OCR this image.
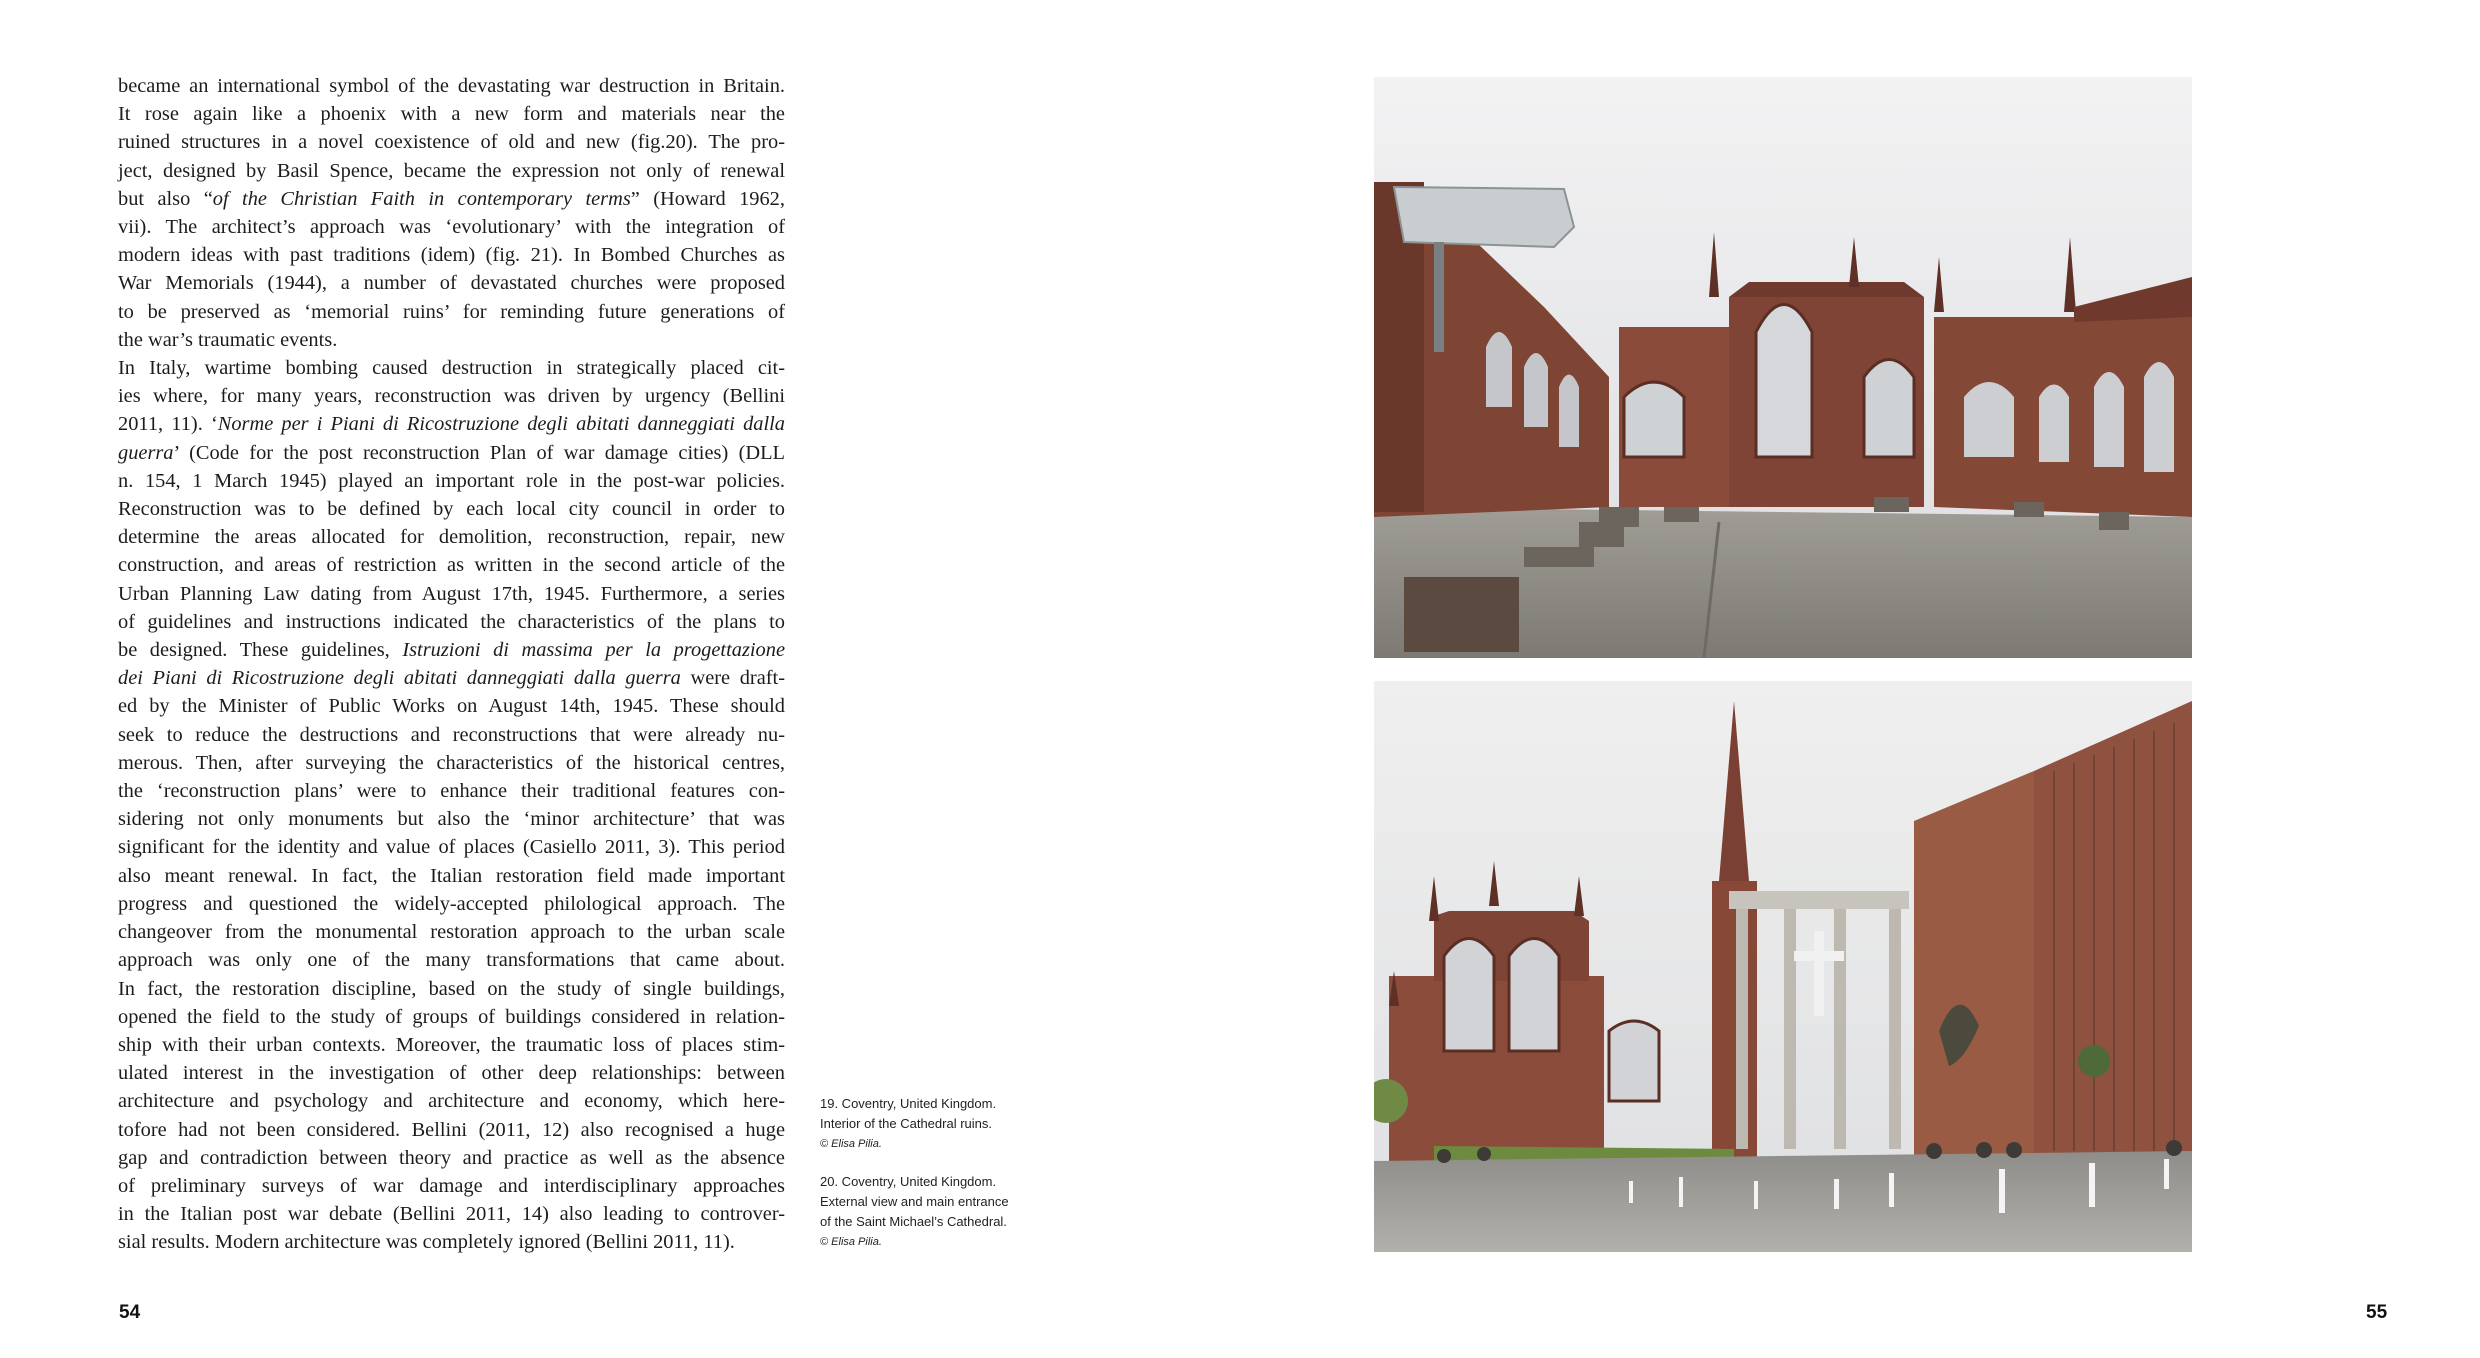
became an international symbol of the devastating war destruction in Britain.
It rose again like a phoenix with a new form and materials near the
ruined structures in a novel coexistence of old and new (fig.20). The pro-
ject, designed by Basil Spence, became the expression not only of renewal
but also “of the Christian Faith in contemporary terms” (Howard 1962,
vii). The architect’s approach was ‘evolutionary’ with the integration of
modern ideas with past traditions (idem) (fig. 21). In Bombed Churches as
War Memorials (1944), a number of devastated churches were proposed
to be preserved as ‘memorial ruins’ for reminding future generations of
the war’s traumatic events.
In Italy, wartime bombing caused destruction in strategically placed cit-
ies where, for many years, reconstruction was driven by urgency (Bellini
2011, 11). ‘Norme per i Piani di Ricostruzione degli abitati danneggiati dalla
guerra’ (Code for the post reconstruction Plan of war damage cities) (DLL
n. 154, 1 March 1945) played an important role in the post-war policies.
Reconstruction was to be defined by each local city council in order to
determine the areas allocated for demolition, reconstruction, repair, new
construction, and areas of restriction as written in the second article of the
Urban Planning Law dating from August 17th, 1945. Furthermore, a series
of guidelines and instructions indicated the characteristics of the plans to
be designed. These guidelines, Istruzioni di massima per la progettazione
dei Piani di Ricostruzione degli abitati danneggiati dalla guerra were draft-
ed by the Minister of Public Works on August 14th, 1945. These should
seek to reduce the destructions and reconstructions that were already nu-
merous. Then, after surveying the characteristics of the historical centres,
the ‘reconstruction plans’ were to enhance their traditional features con-
sidering not only monuments but also the ‘minor architecture’ that was
significant for the identity and value of places (Casiello 2011, 3). This period
also meant renewal. In fact, the Italian restoration field made important
progress and questioned the widely-accepted philological approach. The
changeover from the monumental restoration approach to the urban scale
approach was only one of the many transformations that came about.
In fact, the restoration discipline, based on the study of single buildings,
opened the field to the study of groups of buildings considered in relation-
ship with their urban contexts. Moreover, the traumatic loss of places stim-
ulated interest in the investigation of other deep relationships: between
architecture and psychology and architecture and economy, which here-
tofore had not been considered. Bellini (2011, 12) also recognised a huge
gap and contradiction between theory and practice as well as the absence
of preliminary surveys of war damage and interdisciplinary approaches
in the Italian post war debate (Bellini 2011, 14) also leading to controver-
sial results. Modern architecture was completely ignored (Bellini 2011, 11).
19. Coventry, United Kingdom.
Interior of the Cathedral ruins.
© Elisa Pilia.
20. Coventry, United Kingdom.
External view and main entrance
of the Saint Michael’s Cathedral.
© Elisa Pilia.
54	55
